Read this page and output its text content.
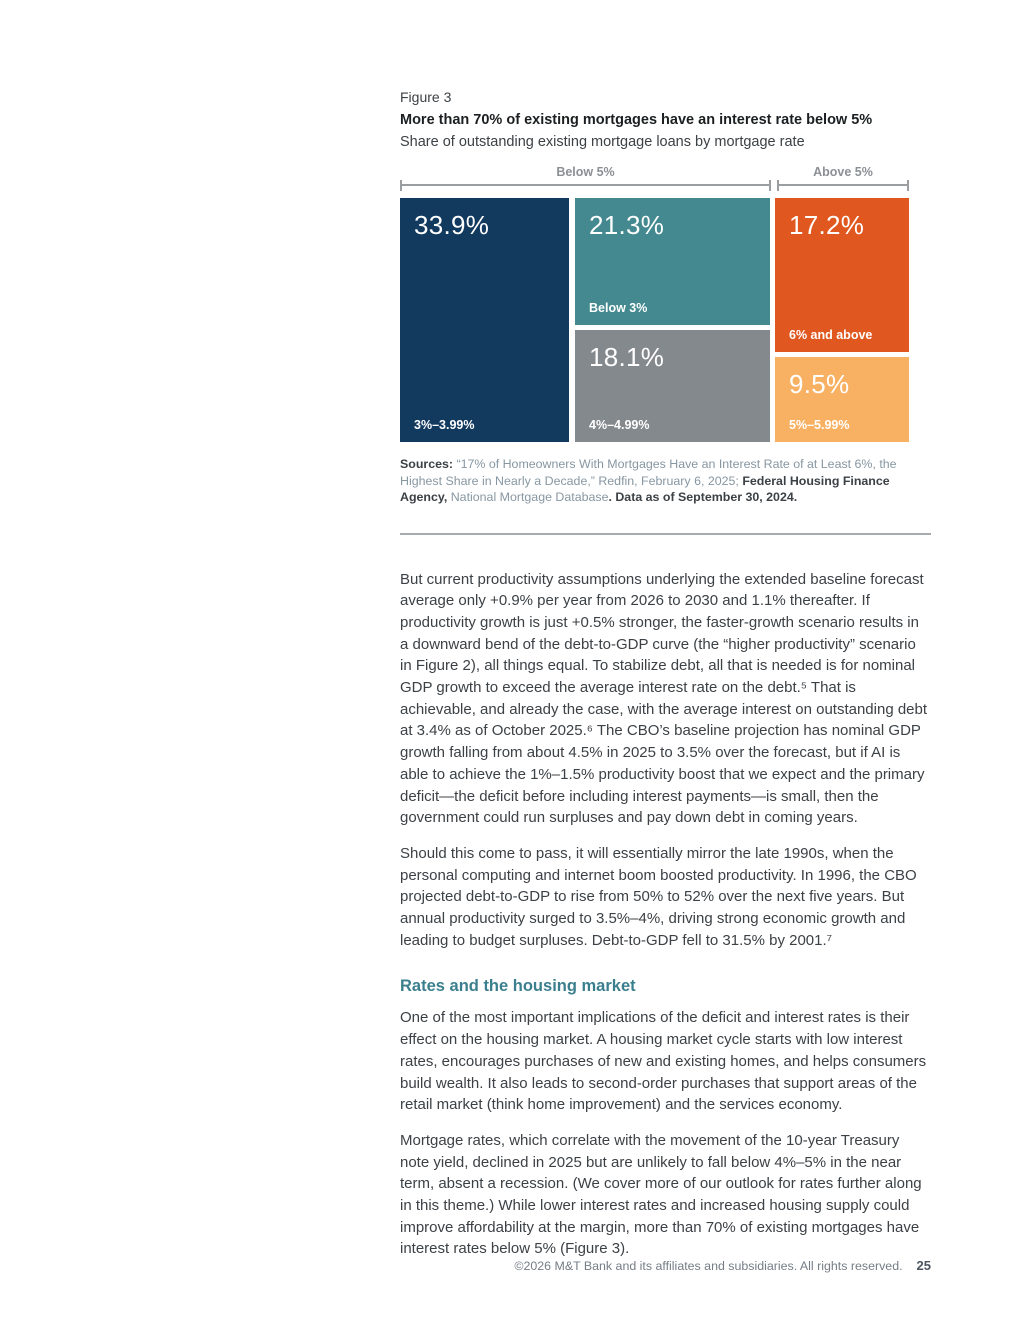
Figure 3
More than 70% of existing mortgages have an interest rate below 5%
Share of outstanding existing mortgage loans by mortgage rate
Below 5%	Above 5%
33.9%
3%–3.99%
21.3%
Below 3%
18.1%
4%–4.99%
17.2%
6% and above
9.5%
5%–5.99%
Sources: “17% of Homeowners With Mortgages Have an Interest Rate of at Least 6%, the Highest Share in Nearly a Decade,” Redfin, February 6, 2025; Federal Housing Finance Agency, National Mortgage Database. Data as of September 30, 2024.

But current productivity assumptions underlying the extended baseline forecast average only +0.9% per year from 2026 to 2030 and 1.1% thereafter. If productivity growth is just +0.5% stronger, the faster-growth scenario results in a downward bend of the debt-to-GDP curve (the “higher productivity” scenario in Figure 2), all things equal. To stabilize debt, all that is needed is for nominal GDP growth to exceed the average interest rate on the debt.⁵ That is achievable, and already the case, with the average interest on outstanding debt at 3.4% as of October 2025.⁶ The CBO’s baseline projection has nominal GDP growth falling from about 4.5% in 2025 to 3.5% over the forecast, but if AI is able to achieve the 1%–1.5% productivity boost that we expect and the primary deficit—the deficit before including interest payments—is small, then the government could run surpluses and pay down debt in coming years.

Should this come to pass, it will essentially mirror the late 1990s, when the personal computing and internet boom boosted productivity. In 1996, the CBO projected debt-to-GDP to rise from 50% to 52% over the next five years. But annual productivity surged to 3.5%–4%, driving strong economic growth and leading to budget surpluses. Debt-to-GDP fell to 31.5% by 2001.⁷

Rates and the housing market

One of the most important implications of the deficit and interest rates is their effect on the housing market. A housing market cycle starts with low interest rates, encourages purchases of new and existing homes, and helps consumers build wealth. It also leads to second-order purchases that support areas of the retail market (think home improvement) and the services economy.

Mortgage rates, which correlate with the movement of the 10-year Treasury note yield, declined in 2025 but are unlikely to fall below 4%–5% in the near term, absent a recession. (We cover more of our outlook for rates further along in this theme.) While lower interest rates and increased housing supply could improve affordability at the margin, more than 70% of existing mortgages have interest rates below 5% (Figure 3).

©2026 M&T Bank and its affiliates and subsidiaries. All rights reserved. 25
